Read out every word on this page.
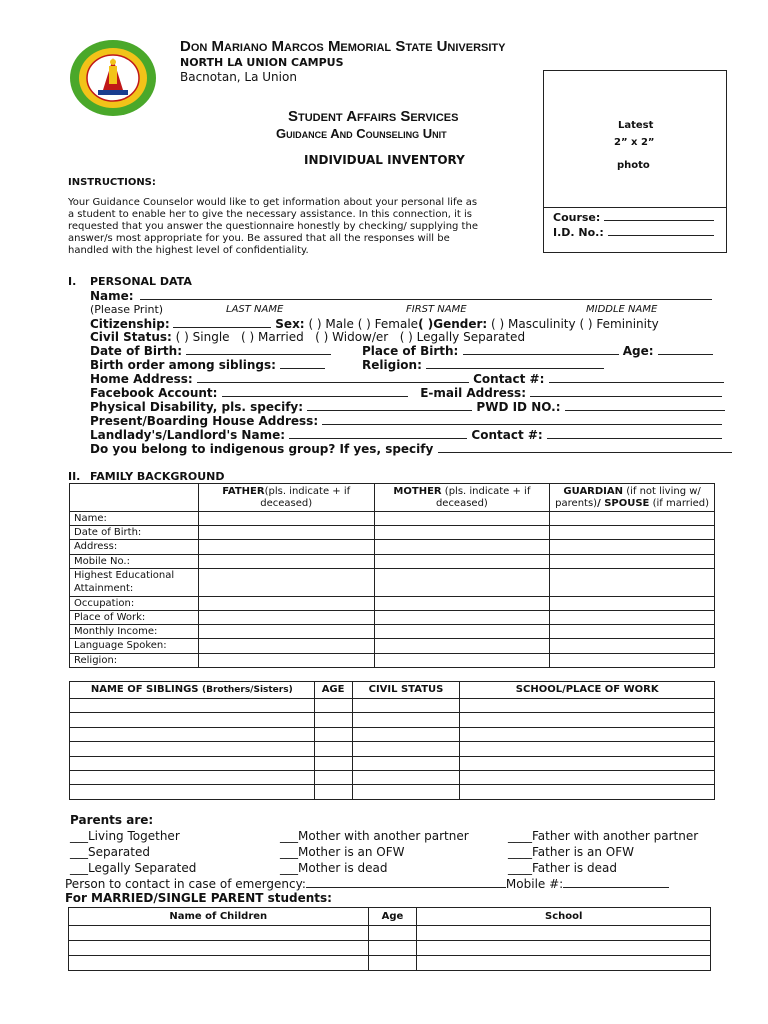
Don Mariano Marcos Memorial State University
NORTH LA UNION CAMPUS
Bacnotan, La Union
Student Affairs Services
Guidance And Counseling Unit
INDIVIDUAL INVENTORY
Latest
2” x 2”
photo
Course:
I.D. No.:
INSTRUCTIONS:
Your Guidance Counselor would like to get information about your personal life as
a student to enable her to give the necessary assistance. In this connection, it is
requested that you answer the questionnaire honestly by checking/ supplying the
answer/s most appropriate for you. Be assured that all the responses will be
handled with the highest level of confidentiality.
I. PERSONAL DATA
Name:
(Please Print)	LAST NAME	FIRST NAME	MIDDLE NAME
Citizenship:	Sex: ( ) Male ( ) Female( )Gender: ( ) Masculinity ( ) Femininity
Civil Status: ( ) Single ( ) Married ( ) Widow/er ( ) Legally Separated
Date of Birth:	Place of Birth:	Age:
Birth order among siblings:	Religion:
Home Address:	Contact #:
Facebook Account:	E-mail Address:
Physical Disability, pls. specify:	PWD ID NO.:
Present/Boarding House Address:
Landlady's/Landlord's Name:	Contact #:
Do you belong to indigenous group? If yes, specify
II. FAMILY BACKGROUND
	FATHER(pls. indicate + if deceased)	MOTHER (pls. indicate + if deceased)	GUARDIAN (if not living w/ parents)/ SPOUSE (if married)
Name:			
Date of Birth:			
Address:			
Mobile No.:			
Highest Educational Attainment:			
Occupation:			
Place of Work:			
Monthly Income:			
Language Spoken:			
Religion:			
NAME OF SIBLINGS (Brothers/Sisters)	AGE	CIVIL STATUS	SCHOOL/PLACE OF WORK

Parents are:
___Living Together	___Mother with another partner	____Father with another partner
___Separated	___Mother is an OFW	____Father is an OFW
___Legally Separated	___Mother is dead	____Father is dead
Person to contact in case of emergency:	Mobile #:
For MARRIED/SINGLE PARENT students:
Name of Children	Age	School
